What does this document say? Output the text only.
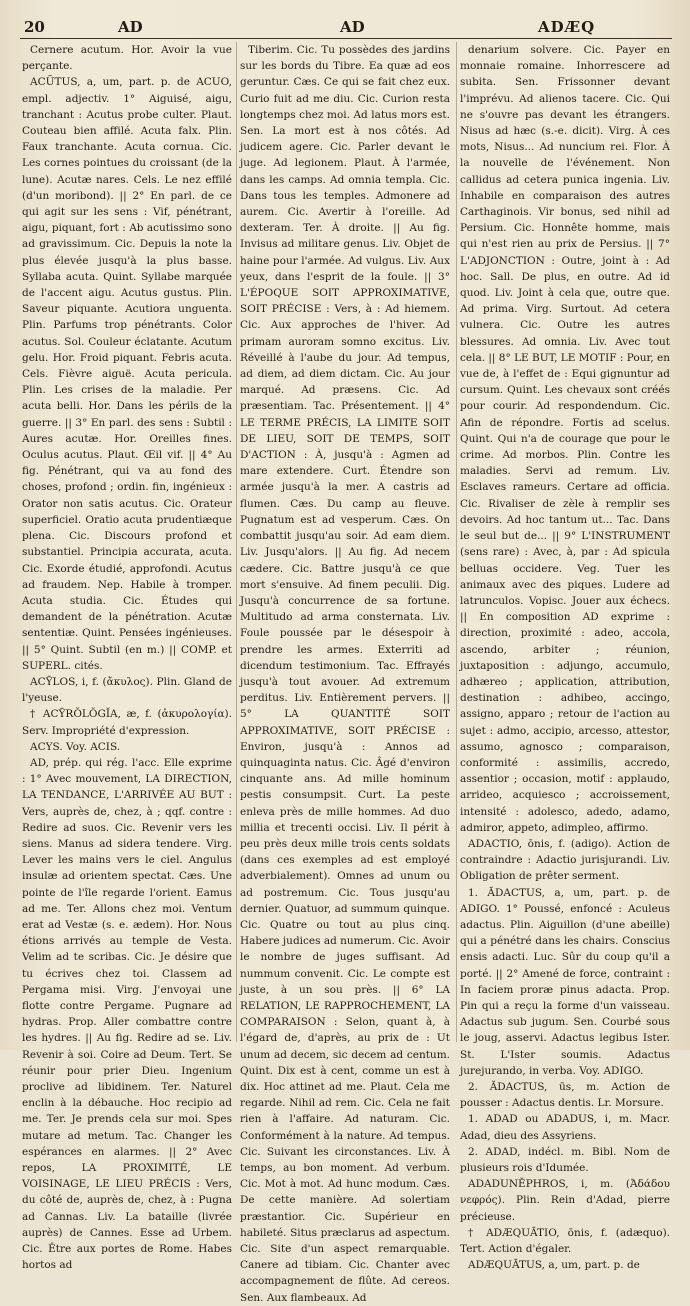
20	AD	AD	ADÆQ

Cernere acutum. Hor. Avoir la vue perçante.

ACŪTUS, a, um, part. p. de ACUO, empl. adjectiv. 1° Aiguisé, aigu, tranchant : Acutus probe culter. Plaut. Couteau bien affilé. Acuta falx. Plin. Faux tranchante. Acuta cornua. Cic. Les cornes pointues du croissant (de la lune). Acutæ nares. Cels. Le nez effilé (d'un moribond). || 2° En parl. de ce qui agit sur les sens : Vif, pénétrant, aigu, piquant, fort : Ab acutissimo sono ad gravissimum. Cic. Depuis la note la plus élevée jusqu'à la plus basse. Syllaba acuta. Quint. Syllabe marquée de l'accent aigu. Acutus gustus. Plin. Saveur piquante. Acutiora unguenta. Plin. Parfums trop pénétrants. Color acutus. Sol. Couleur éclatante. Acutum gelu. Hor. Froid piquant. Febris acuta. Cels. Fièvre aiguë. Acuta pericula. Plin. Les crises de la maladie. Per acuta belli. Hor. Dans les périls de la guerre. || 3° En parl. des sens : Subtil : Aures acutæ. Hor. Oreilles fines. Oculus acutus. Plaut. Œil vif. || 4° Au fig. Pénétrant, qui va au fond des choses, profond ; ordin. fin, ingénieux : Orator non satis acutus. Cic. Orateur superficiel. Oratio acuta prudentiæque plena. Cic. Discours profond et substantiel. Principia accurata, acuta. Cic. Exorde étudié, approfondi. Acutus ad fraudem. Nep. Habile à tromper. Acuta studia. Cic. Études qui demandent de la pénétration. Acutæ sententiæ. Quint. Pensées ingénieuses. || 5° Quint. Subtil (en m.) || COMP. et SUPERL. cités.

ACȲLOS, i, f. (ἄκυλος). Plin. Gland de l'yeuse.

† ACȲRŎLŎGĬA, æ, f. (ἀκυρολογία). Serv. Impropriété d'expression.

ACYS. Voy. ACIS.

AD, prép. qui rég. l'acc. Elle exprime : 1° Avec mouvement, LA DIRECTION, LA TENDANCE, L'ARRIVÉE AU BUT : Vers, auprès de, chez, à ; qqf. contre : Redire ad suos. Cic. Revenir vers les siens. Manus ad sidera tendere. Virg. Lever les mains vers le ciel. Angulus insulæ ad orientem spectat. Cæs. Une pointe de l'île regarde l'orient. Eamus ad me. Ter. Allons chez moi. Ventum erat ad Vestæ (s. e. ædem). Hor. Nous étions arrivés au temple de Vesta. Velim ad te scribas. Cic. Je désire que tu écrives chez toi. Classem ad Pergama misi. Virg. J'envoyai une flotte contre Pergame. Pugnare ad hydras. Prop. Aller combattre contre les hydres. || Au fig. Redire ad se. Liv. Revenir à soi. Coire ad Deum. Tert. Se réunir pour prier Dieu. Ingenium proclive ad libidinem. Ter. Naturel enclin à la débauche. Hoc recipio ad me. Ter. Je prends cela sur moi. Spes mutare ad metum. Tac. Changer les espérances en alarmes. || 2° Avec repos, LA PROXIMITÉ, LE VOISINAGE, LE LIEU PRÉCIS : Vers, du côté de, auprès de, chez, à : Pugna ad Cannas. Liv. La bataille (livrée auprès) de Cannes. Esse ad Urbem. Cic. Être aux portes de Rome. Habes hortos ad

Tiberim. Cic. Tu possèdes des jardins sur les bords du Tibre. Ea quæ ad eos geruntur. Cæs. Ce qui se fait chez eux. Curio fuit ad me diu. Cic. Curion resta longtemps chez moi. Ad latus mors est. Sen. La mort est à nos côtés. Ad judicem agere. Cic. Parler devant le juge. Ad legionem. Plaut. À l'armée, dans les camps. Ad omnia templa. Cic. Dans tous les temples. Admonere ad aurem. Cic. Avertir à l'oreille. Ad dexteram. Ter. À droite. || Au fig. Invisus ad militare genus. Liv. Objet de haine pour l'armée. Ad vulgus. Liv. Aux yeux, dans l'esprit de la foule. || 3° L'ÉPOQUE SOIT APPROXIMATIVE, SOIT PRÉCISE : Vers, à : Ad hiemem. Cic. Aux approches de l'hiver. Ad primam auroram somno excitus. Liv. Réveillé à l'aube du jour. Ad tempus, ad diem, ad diem dictam. Cic. Au jour marqué. Ad præsens. Cic. Ad præsentiam. Tac. Présentement. || 4° LE TERME PRÉCIS, LA LIMITE SOIT DE LIEU, SOIT DE TEMPS, SOIT D'ACTION : À, jusqu'à : Agmen ad mare extendere. Curt. Étendre son armée jusqu'à la mer. A castris ad flumen. Cæs. Du camp au fleuve. Pugnatum est ad vesperum. Cæs. On combattit jusqu'au soir. Ad eam diem. Liv. Jusqu'alors. || Au fig. Ad necem cædere. Cic. Battre jusqu'à ce que mort s'ensuive. Ad finem peculii. Dig. Jusqu'à concurrence de sa fortune. Multitudo ad arma consternata. Liv. Foule poussée par le désespoir à prendre les armes. Exterriti ad dicendum testimonium. Tac. Effrayés jusqu'à tout avouer. Ad extremum perditus. Liv. Entièrement pervers. || 5° LA QUANTITÉ SOIT APPROXIMATIVE, SOIT PRÉCISE : Environ, jusqu'à : Annos ad quinquaginta natus. Cic. Âgé d'environ cinquante ans. Ad mille hominum pestis consumpsit. Curt. La peste enleva près de mille hommes. Ad duo millia et trecenti occisi. Liv. Il périt à peu près deux mille trois cents soldats (dans ces exemples ad est employé adverbialement). Omnes ad unum ou ad postremum. Cic. Tous jusqu'au dernier. Quatuor, ad summum quinque. Cic. Quatre ou tout au plus cinq. Habere judices ad numerum. Cic. Avoir le nombre de juges suffisant. Ad nummum convenit. Cic. Le compte est juste, à un sou près. || 6° LA RELATION, LE RAPPROCHEMENT, LA COMPARAISON : Selon, quant à, à l'égard de, d'après, au prix de : Ut unum ad decem, sic decem ad centum. Quint. Dix est à cent, comme un est à dix. Hoc attinet ad me. Plaut. Cela me regarde. Nihil ad rem. Cic. Cela ne fait rien à l'affaire. Ad naturam. Cic. Conformément à la nature. Ad tempus. Cic. Suivant les circonstances. Liv. À temps, au bon moment. Ad verbum. Cic. Mot à mot. Ad hunc modum. Cæs. De cette manière. Ad solertiam præstantior. Cic. Supérieur en habileté. Situs præclarus ad aspectum. Cic. Site d'un aspect remarquable. Canere ad tibiam. Cic. Chanter avec accompagnement de flûte. Ad cereos. Sen. Aux flambeaux. Ad

denarium solvere. Cic. Payer en monnaie romaine. Inhorrescere ad subita. Sen. Frissonner devant l'imprévu. Ad alienos tacere. Cic. Qui ne s'ouvre pas devant les étrangers. Nisus ad hæc (s.-e. dicit). Virg. À ces mots, Nisus... Ad nuncium rei. Flor. À la nouvelle de l'événement. Non callidus ad cetera punica ingenia. Liv. Inhabile en comparaison des autres Carthaginois. Vir bonus, sed nihil ad Persium. Cic. Honnête homme, mais qui n'est rien au prix de Persius. || 7° L'ADJONCTION : Outre, joint à : Ad hoc. Sall. De plus, en outre. Ad id quod. Liv. Joint à cela que, outre que. Ad prima. Virg. Surtout. Ad cetera vulnera. Cic. Outre les autres blessures. Ad omnia. Liv. Avec tout cela. || 8° LE BUT, LE MOTIF : Pour, en vue de, à l'effet de : Equi gignuntur ad cursum. Quint. Les chevaux sont créés pour courir. Ad respondendum. Cic. Afin de répondre. Fortis ad scelus. Quint. Qui n'a de courage que pour le crime. Ad morbos. Plin. Contre les maladies. Servi ad remum. Liv. Esclaves rameurs. Certare ad officia. Cic. Rivaliser de zèle à remplir ses devoirs. Ad hoc tantum ut... Tac. Dans le seul but de... || 9° L'INSTRUMENT (sens rare) : Avec, à, par : Ad spicula belluas occidere. Veg. Tuer les animaux avec des piques. Ludere ad latrunculos. Vopisc. Jouer aux échecs. || En composition AD exprime : direction, proximité : adeo, accola, ascendo, arbiter ; réunion, juxtaposition : adjungo, accumulo, adhæreo ; application, attribution, destination : adhibeo, accingo, assigno, apparo ; retour de l'action au sujet : admo, accipio, arcesso, attestor, assumo, agnosco ; comparaison, conformité : assimilis, accredo, assentior ; occasion, motif : applaudo, arrideo, acquiesco ; accroissement, intensité : adolesco, adedo, adamo, admiror, appeto, adimpleo, affirmo.

ADACTIO, ōnis, f. (adigo). Action de contraindre : Adactio jurisjurandi. Liv. Obligation de prêter serment.

1. ĂDACTUS, a, um, part. p. de ADIGO. 1° Poussé, enfoncé : Aculeus adactus. Plin. Aiguillon (d'une abeille) qui a pénétré dans les chairs. Conscius ensis adacti. Luc. Sûr du coup qu'il a porté. || 2° Amené de force, contraint : In faciem proræ pinus adacta. Prop. Pin qui a reçu la forme d'un vaisseau. Adactus sub jugum. Sen. Courbé sous le joug, asservi. Adactus legibus Ister. St. L'Ister soumis. Adactus jurejurando, in verba. Voy. ADIGO.

2. ĂDACTUS, ūs, m. Action de pousser : Adactus dentis. Lr. Morsure.

1. ADAD ou ADADUS, i, m. Macr. Adad, dieu des Assyriens.

2. ADAD, indécl. m. Bibl. Nom de plusieurs rois d'Idumée.

ADADUNĔPHROS, i, m. (Ἀδάδου νεφρός). Plin. Rein d'Adad, pierre précieuse.

† ADÆQUĀTIO, ōnis, f. (adæquo). Tert. Action d'égaler.

ADÆQUĀTUS, a, um, part. p. de
